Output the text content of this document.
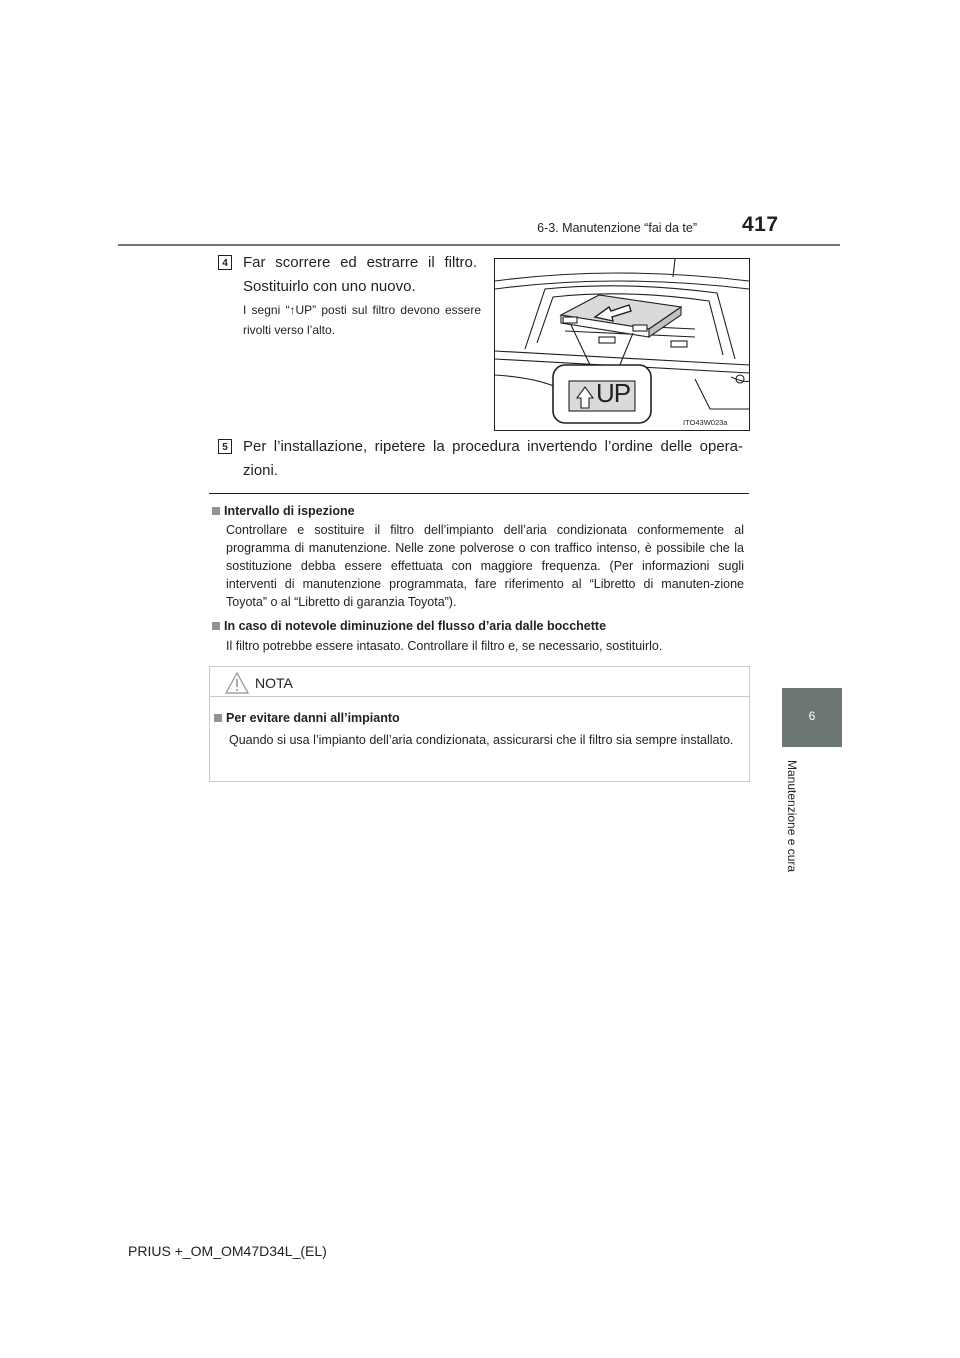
6-3. Manutenzione “fai da te” 417
6
Manutenzione e cura
4 Far scorrere ed estrarre il filtro. Sostituirlo con uno nuovo.
I segni “↑UP” posti sul filtro devono essere rivolti verso l’alto.
UP
ITO43W023a
5 Per l’installazione, ripetere la procedura invertendo l’ordine delle opera-zioni.
Intervallo di ispezione
Controllare e sostituire il filtro dell’impianto dell’aria condizionata conformemente al programma di manutenzione. Nelle zone polverose o con traffico intenso, è possibile che la sostituzione debba essere effettuata con maggiore frequenza. (Per informazioni sugli interventi di manutenzione programmata, fare riferimento al “Libretto di manuten-zione Toyota” o al “Libretto di garanzia Toyota”).
In caso di notevole diminuzione del flusso d’aria dalle bocchette
Il filtro potrebbe essere intasato. Controllare il filtro e, se necessario, sostituirlo.
NOTA
Per evitare danni all’impianto
Quando si usa l’impianto dell’aria condizionata, assicurarsi che il filtro sia sempre installato.
PRIUS +_OM_OM47D34L_(EL)
